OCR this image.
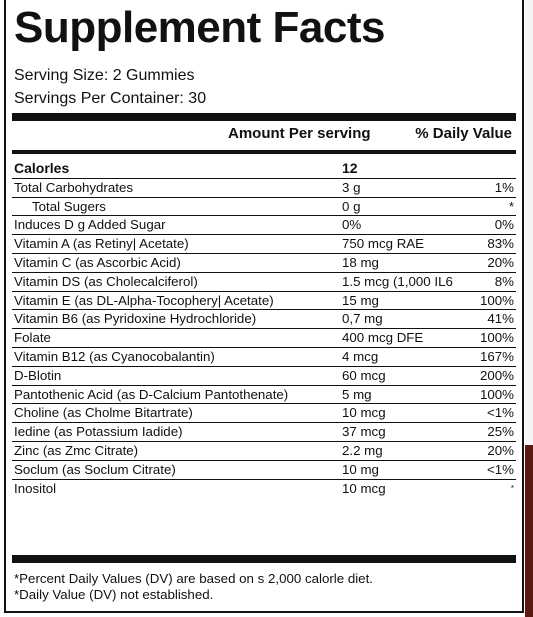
Supplement Facts
Serving Size: 2 Gummies
Servings Per Container: 30
Amount Per serving	% Daily Value
Calorles	12
Total Carbohydrates	3 g	1%
Total Sugers	0 g	*
Induces D g Added Sugar	0%	0%
Vitamin A (as Retiny| Acetate)	750 mcg RAE	83%
Vitamin C (as Ascorbic Acid)	18 mg	20%
Vitamin DS (as Cholecalciferol)	1.5 mcg (1,000 IL6	8%
Vitamin E (as DL-Alpha-Tocophery| Acetate)	15 mg	100%
Vitamin B6 (as Pyridoxine Hydrochloride)	0,7 mg	41%
Folate	400 mcg DFE	100%
Vitamin B12 (as Cyanocobalantin)	4 mcg	167%
D-Blotin	60 mcg	200%
Pantothenic Acid (as D-Calcium Pantothenate)	5 mg	100%
Choline (as Cholme Bitartrate)	10 mcg	<1%
Iedine (as Potassium Iadide)	37 mcg	25%
Zinc (as Zmc Citrate)	2.2 mg	20%
Soclum (as Soclum Citrate)	10 mg	<1%
Inositol	10 mcg	*
*Percent Daily Values (DV) are based on s 2,000 calorle diet.
*Daily Value (DV) not established.
